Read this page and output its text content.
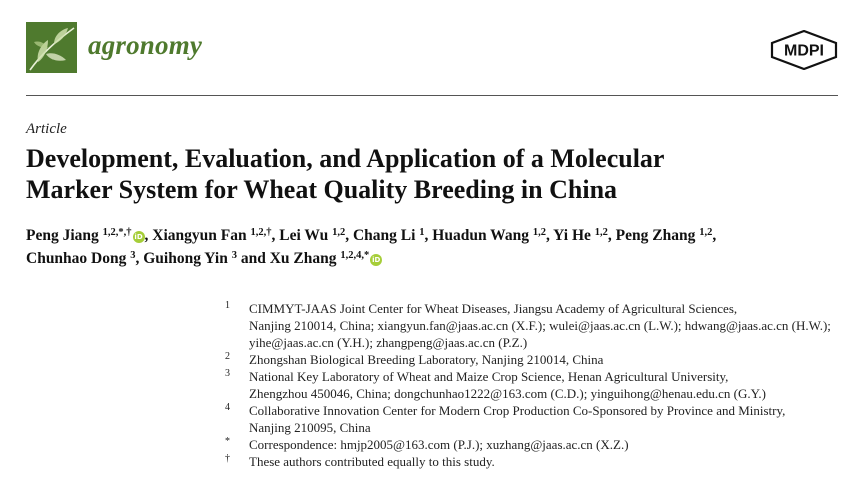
agronomy	MDPI
Article
Development, Evaluation, and Application of a Molecular
Marker System for Wheat Quality Breeding in China
Peng Jiang $^{1,2,*,\dagger}$ iD , Xiangyun Fan $^{1,2,\dagger}$, Lei Wu $^{1,2}$, Chang Li $^1$, Huadun Wang $^{1,2}$, Yi He $^{1,2}$, Peng Zhang $^{1,2}$,
Chunhao Dong $^3$, Guihong Yin $^3$ and Xu Zhang $^{1,2,4,*}$ iD
1 CIMMYT-JAAS Joint Center for Wheat Diseases, Jiangsu Academy of Agricultural Sciences,
Nanjing 210014, China; xiangyun.fan@jaas.ac.cn (X.F.); wulei@jaas.ac.cn (L.W.); hdwang@jaas.ac.cn (H.W.);
yihe@jaas.ac.cn (Y.H.); zhangpeng@jaas.ac.cn (P.Z.)
2 Zhongshan Biological Breeding Laboratory, Nanjing 210014, China
3 National Key Laboratory of Wheat and Maize Crop Science, Henan Agricultural University,
Zhengzhou 450046, China; dongchunhao1222@163.com (C.D.); yinguihong@henau.edu.cn (G.Y.)
4 Collaborative Innovation Center for Modern Crop Production Co-Sponsored by Province and Ministry,
Nanjing 210095, China
* Correspondence: hmjp2005@163.com (P.J.); xuzhang@jaas.ac.cn (X.Z.)
† These authors contributed equally to this study.
